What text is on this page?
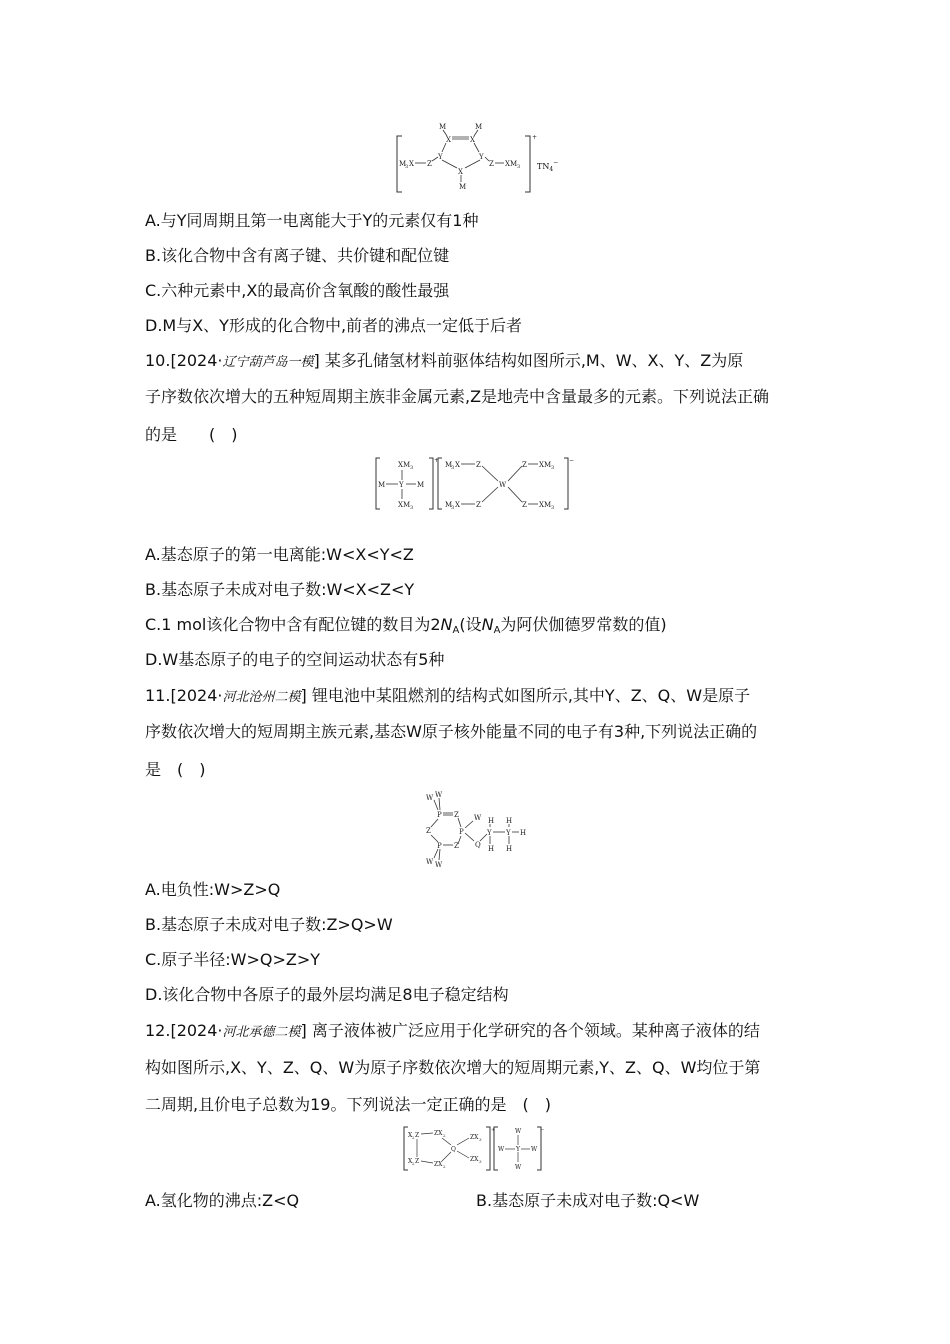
+
M	M
X	X
Y	Y
X
M
M
3 X Z	Z XM 3 $TN_4^-$
A.与Y同周期且第一电离能大于Y的元素仅有1种
B.该化合物中含有离子键、共价键和配位键
C.六种元素中,X的最高价含氧酸的酸性最强
D.M与X、Y形成的化合物中,前者的沸点一定低于后者
10.[2024·辽宁葫芦岛一模] 某多孔储氢材料前驱体结构如图所示,M、W、X、Y、Z为原
子序数依次增大的五种短周期主族非金属元素,Z是地壳中含量最多的元素。下列说法正确
的是　　(　)
+	−
XM 3
M Y M
XM 3
M
3 X Z
M
3 X Z
W
Z XM 3
Z XM 3
A.基态原子的第一电离能:W<X<Y<Z
B.基态原子未成对电子数:W<X<Z<Y
C.1 mol该化合物中含有配位键的数目为$2N_A$(设$N_A$为阿伏伽德罗常数的值)
D.W基态原子的电子的空间运动状态有5种
11.[2024·河北沧州二模] 锂电池中某阻燃剂的结构式如图所示,其中Y、Z、Q、W是原子
序数依次增大的短周期主族元素,基态W原子核外能量不同的电子有3种,下列说法正确的
是　(　)
W W
P Z
Z	P
W
P Z Q
Y Y
H H
H H
H
W W
A.电负性:W>Z>Q
B.基态原子未成对电子数:Z>Q>W
C.原子半径:W>Q>Z>Y
D.该化合物中各原子的最外层均满足8电子稳定结构
12.[2024·河北承德二模] 离子液体被广泛应用于化学研究的各个领域。某种离子液体的结
构如图所示,X、Y、Z、Q、W为原子序数依次增大的短周期元素,Y、Z、Q、W均位于第
二周期,且价电子总数为19。下列说法一定正确的是　(　)
+	−
X 2 Z ZX 2
X 2 Z ZX 2
Q
ZX 3
ZX 3
W
W Y W
W
A.氢化物的沸点:Z<Q	B.基态原子未成对电子数:Q<W
